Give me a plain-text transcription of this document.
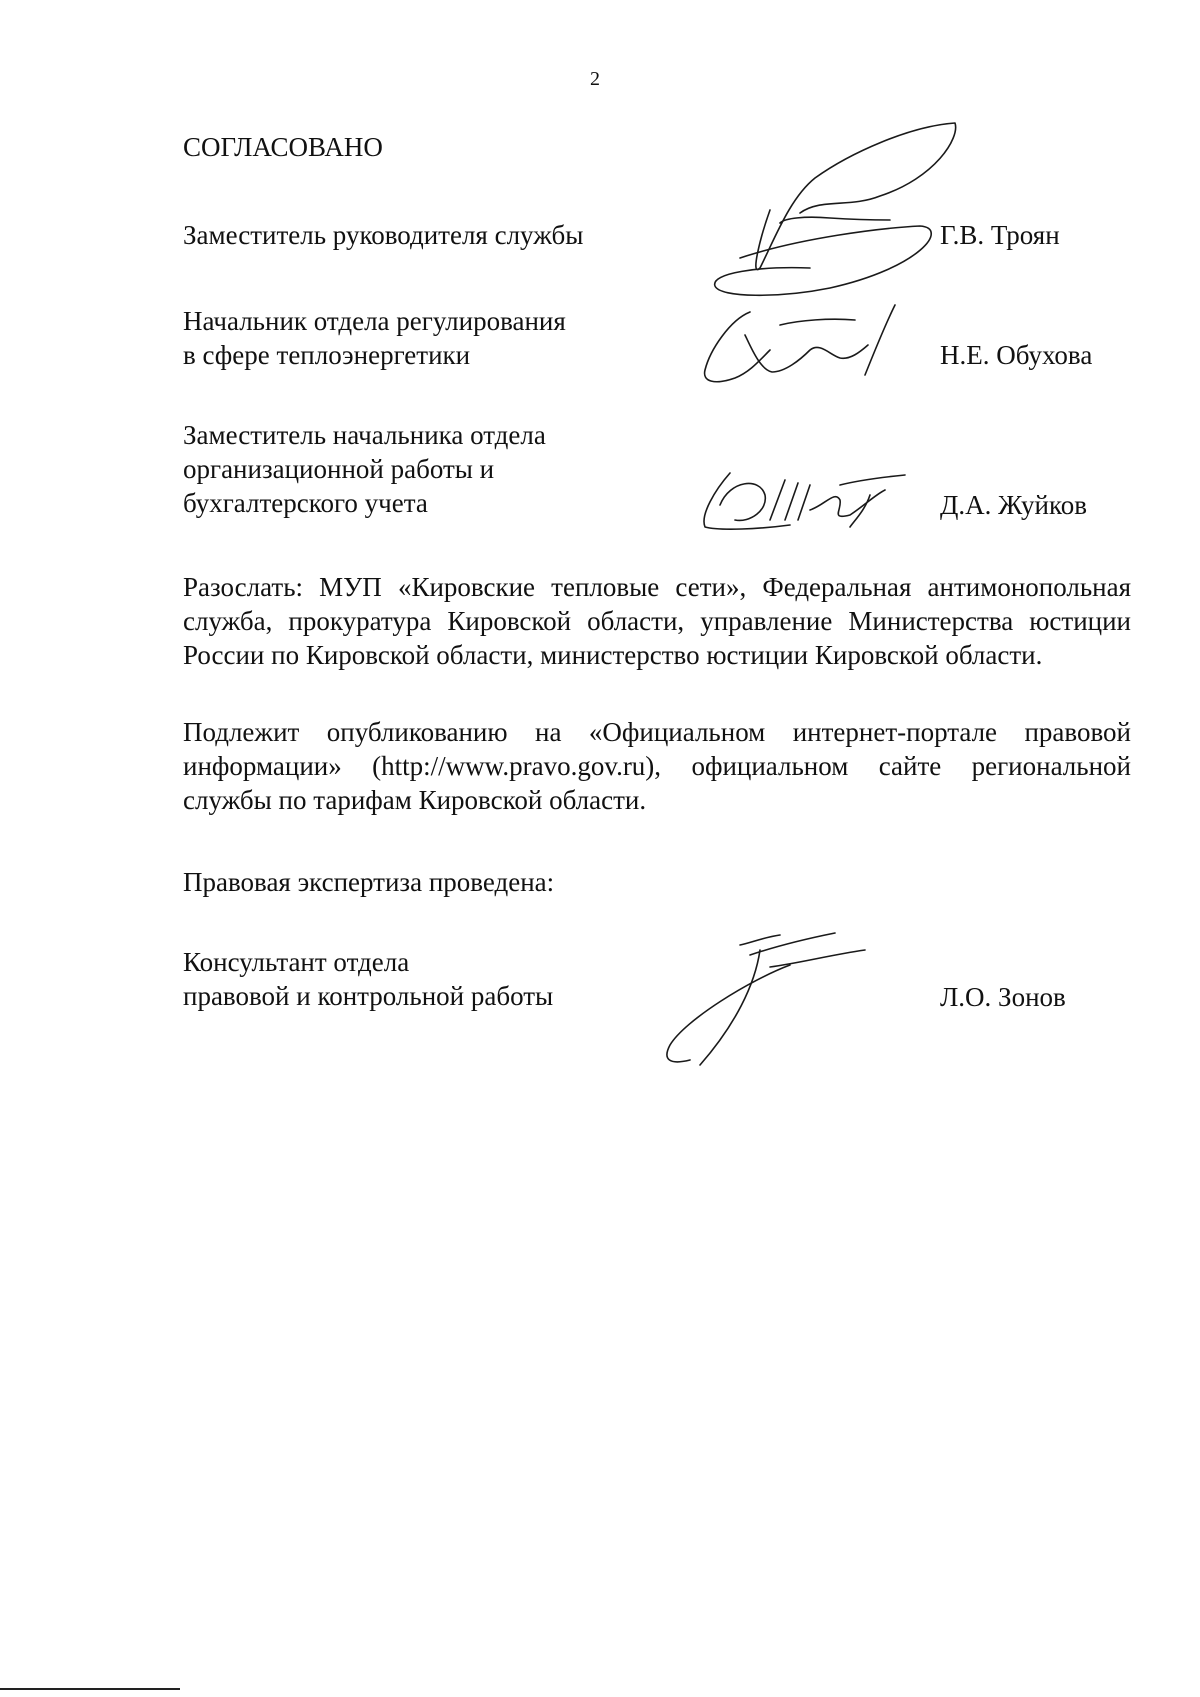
2
СОГЛАСОВАНО
Заместитель руководителя службы	Г.В. Троян
Начальник отдела регулирования
в сфере теплоэнергетики	Н.Е. Обухова
Заместитель начальника отдела
организационной работы и
бухгалтерского учета	Д.А. Жуйков
Разослать: МУП «Кировские тепловые сети», Федеральная антимонопольная служба, прокуратура Кировской области, управление Министерства юстиции России по Кировской области, министерство юстиции Кировской области.
Подлежит опубликованию на «Официальном интернет-портале правовой информации» (http://www.pravo.gov.ru), официальном сайте региональной службы по тарифам Кировской области.
Правовая экспертиза проведена:
Консультант отдела
правовой и контрольной работы	Л.О. Зонов
